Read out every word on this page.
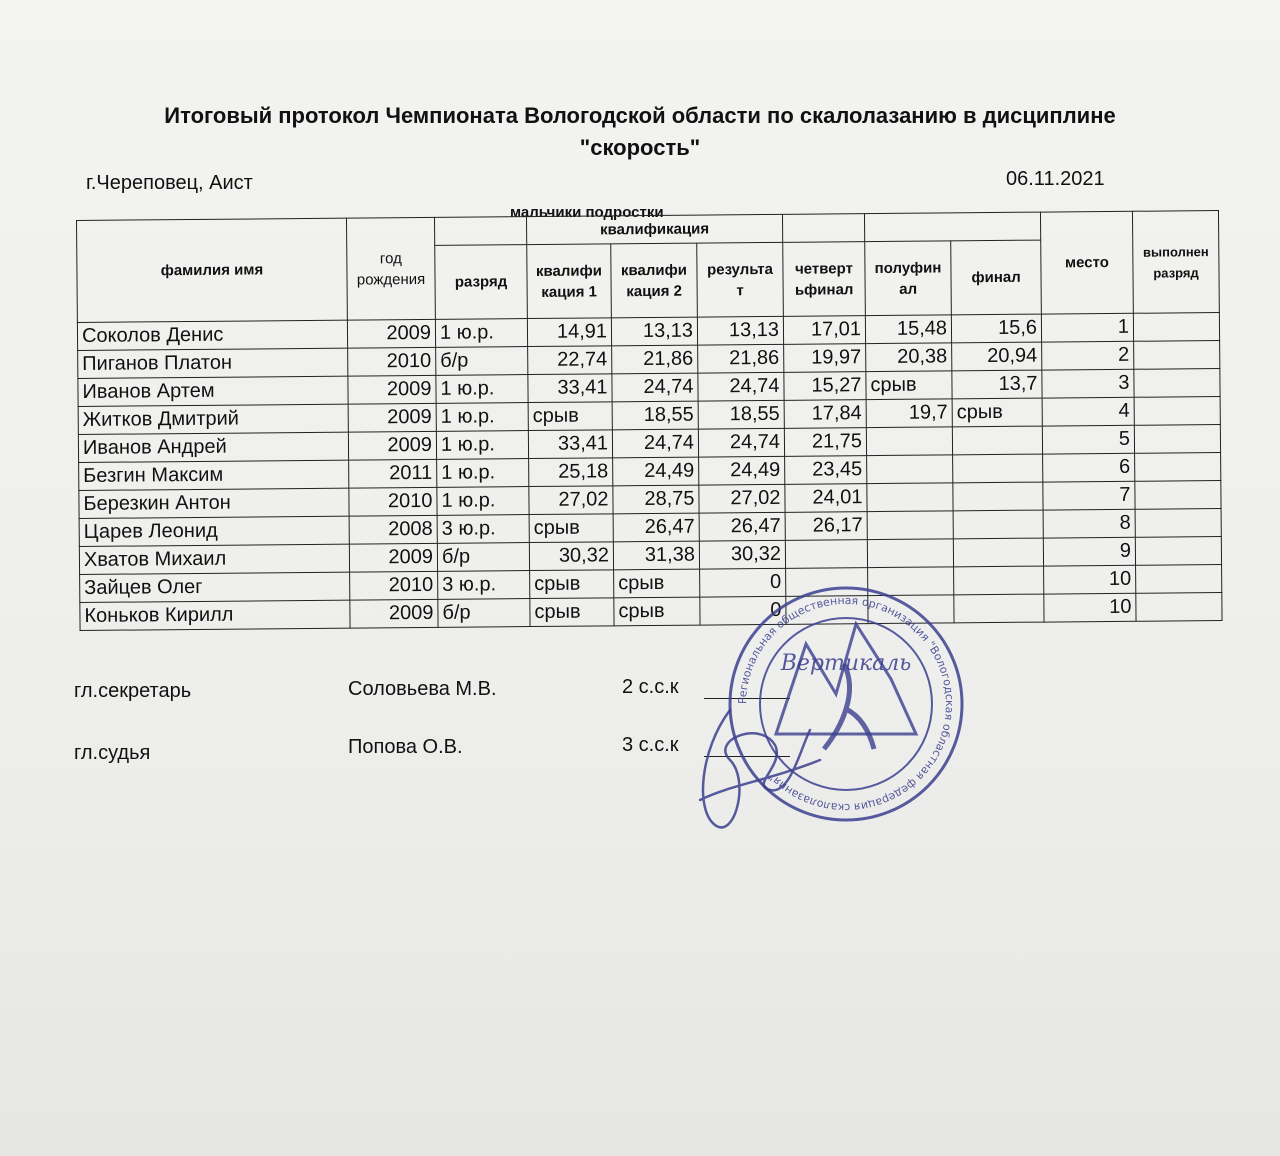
Итоговый протокол Чемпионата Вологодской области по скалолазанию в дисциплине
"скорость"
г.Череповец, Аист	06.11.2021
мальчики подростки
фамилия имя	год рождения		квалификация						место	выполнен разряд
		разряд	квалифи кация 1	квалифи кация 2	результа т	четверт ьфинал	полуфин ал	финал		
Соколов Денис	2009	1 ю.р.	14,91	13,13	13,13	17,01	15,48	15,6	1	
Пиганов Платон	2010	б/р	22,74	21,86	21,86	19,97	20,38	20,94	2	
Иванов Артем	2009	1 ю.р.	33,41	24,74	24,74	15,27	срыв	13,7	3	
Житков Дмитрий	2009	1 ю.р.	срыв	18,55	18,55	17,84	19,7	срыв	4	
Иванов Андрей	2009	1 ю.р.	33,41	24,74	24,74	21,75			5	
Безгин Максим	2011	1 ю.р.	25,18	24,49	24,49	23,45			6	
Березкин Антон	2010	1 ю.р.	27,02	28,75	27,02	24,01			7	
Царев Леонид	2008	3 ю.р.	срыв	26,47	26,47	26,17			8	
Хватов Михаил	2009	б/р	30,32	31,38	30,32				9	
Зайцев Олег	2010	3 ю.р.	срыв	срыв	0				10	
Коньков Кирилл	2009	б/р	срыв	срыв	0				10	
гл.секретарь	Соловьева М.В.	2 с.с.к
гл.судья	Попова О.В.	3 с.с.к
Региональная общественная организация "Вологодская областная федерация скалолазания"
Вертикаль
